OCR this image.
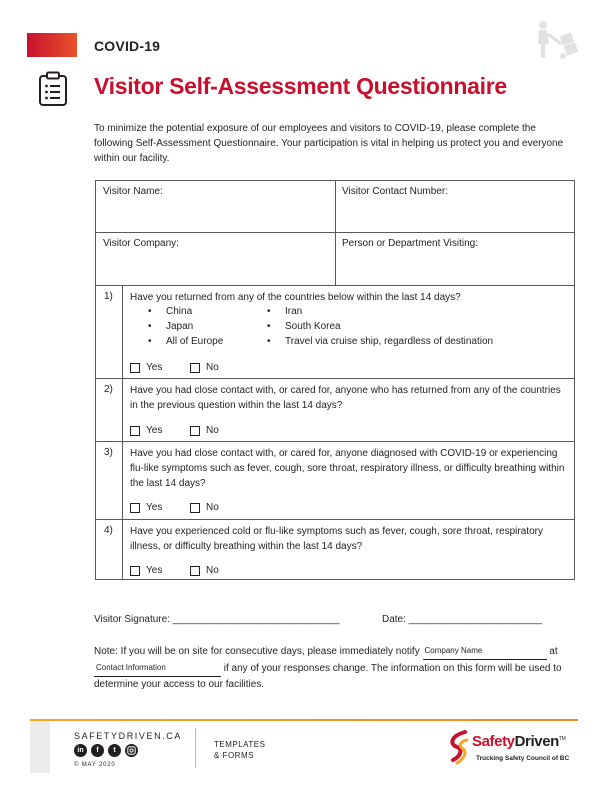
COVID-19
Visitor Self-Assessment Questionnaire
To minimize the potential exposure of our employees and visitors to COVID-19, please complete the following Self-Assessment Questionnaire. Your participation is vital in helping us protect you and everyone within our facility.
Visitor Name:	Visitor Contact Number:
Visitor Company:	Person or Department Visiting:
1) Have you returned from any of the countries below within the last 14 days?
• China
• Japan
• All of Europe
• Iran
• South Korea
• Travel via cruise ship, regardless of destination
Yes	No
2) Have you had close contact with, or cared for, anyone who has returned from any of the countries in the previous question within the last 14 days?
Yes	No
3) Have you had close contact with, or cared for, anyone diagnosed with COVID-19 or experiencing flu-like symptoms such as fever, cough, sore throat, respiratory illness, or difficulty breathing within the last 14 days?
Yes	No
4) Have you experienced cold or flu-like symptoms such as fever, cough, sore throat, respiratory illness, or difficulty breathing within the last 14 days?
Yes	No
Visitor Signature: ______________________________	Date: ________________________
Note: If you will be on site for consecutive days, please immediately notify Company Name	at
Contact Information	if any of your responses change. The information on this form will be used to determine your access to our facilities.
SAFETYDRIVEN.CA
in	f	t
© MAY 2020
TEMPLATES
& FORMS
SafetyDriven™
Trucking Safety Council of BC
